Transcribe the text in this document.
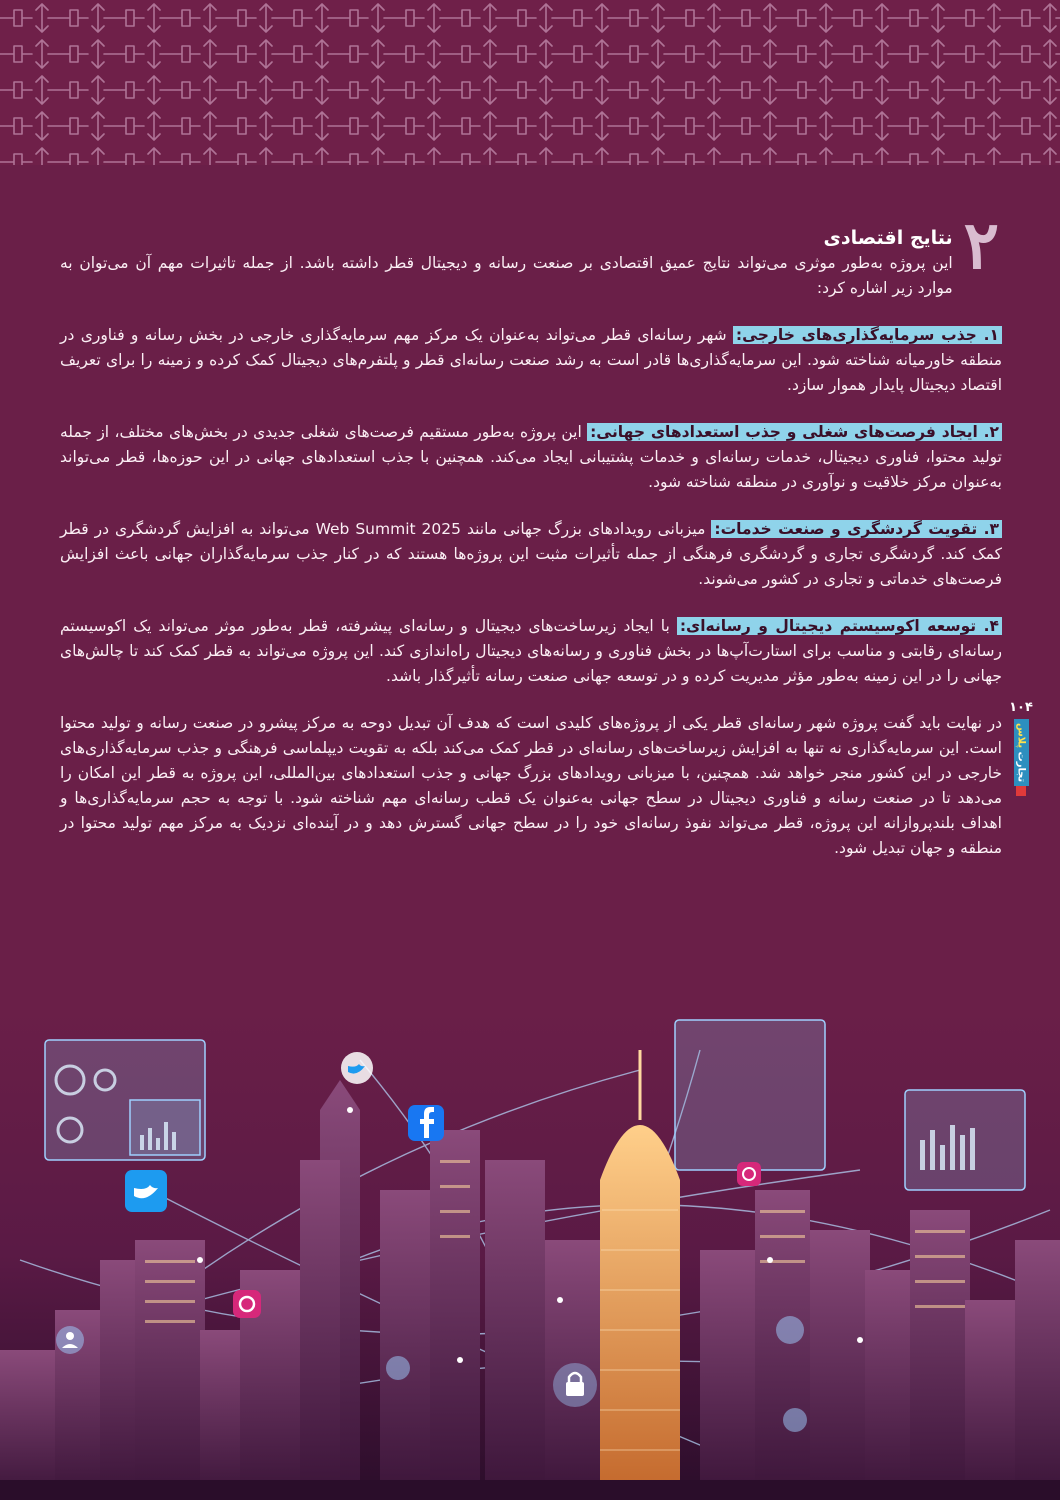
۲
نتایج اقتصادی

این پروژه به‌طور موثری می‌تواند نتایج عمیق اقتصادی بر صنعت رسانه و دیجیتال قطر داشته باشد. از جمله تاثیرات مهم آن می‌توان به موارد زیر اشاره کرد:

۱. جذب سرمایه‌گذاری‌های خارجی: شهر رسانه‌ای قطر می‌تواند به‌عنوان یک مرکز مهم سرمایه‌گذاری خارجی در بخش رسانه و فناوری در منطقه خاورمیانه شناخته شود. این سرمایه‌گذاری‌ها قادر است به رشد صنعت رسانه‌ای قطر و پلتفرم‌های دیجیتال کمک کرده و زمینه را برای تعریف اقتصاد دیجیتال پایدار هموار سازد.

۲. ایجاد فرصت‌های شغلی و جذب استعدادهای جهانی: این پروژه به‌طور مستقیم فرصت‌های شغلی جدیدی در بخش‌های مختلف، از جمله تولید محتوا، فناوری دیجیتال، خدمات رسانه‌ای و خدمات پشتیبانی ایجاد می‌کند. همچنین با جذب استعدادهای جهانی در این حوزه‌ها، قطر می‌تواند به‌عنوان مرکز خلاقیت و نوآوری در منطقه شناخته شود.

۳. تقویت گردشگری و صنعت خدمات: میزبانی رویدادهای بزرگ جهانی مانند Web Summit 2025 می‌تواند به افزایش گردشگری در قطر کمک کند. گردشگری تجاری و گردشگری فرهنگی از جمله تأثیرات مثبت این پروژه‌ها هستند که در کنار جذب سرمایه‌گذاران جهانی باعث افزایش فرصت‌های خدماتی و تجاری در کشور می‌شوند.

۴. توسعه اکوسیستم دیجیتال و رسانه‌ای: با ایجاد زیرساخت‌های دیجیتال و رسانه‌ای پیشرفته، قطر به‌طور موثر می‌تواند یک اکوسیستم رسانه‌ای رقابتی و مناسب برای استارت‌آپ‌ها در بخش فناوری و رسانه‌های دیجیتال راه‌اندازی کند. این پروژه می‌تواند به قطر کمک کند تا چالش‌های جهانی را در این زمینه به‌طور مؤثر مدیریت کرده و در توسعه جهانی صنعت رسانه تأثیرگذار باشد.

در نهایت باید گفت پروژه شهر رسانه‌ای قطر یکی از پروژه‌های کلیدی است که هدف آن تبدیل دوحه به مرکز پیشرو در صنعت رسانه و تولید محتوا است. این سرمایه‌گذاری نه تنها به افزایش زیرساخت‌های رسانه‌ای در قطر کمک می‌کند بلکه به تقویت دیپلماسی فرهنگی و جذب سرمایه‌گذاری‌های خارجی در این کشور منجر خواهد شد. همچنین، با میزبانی رویدادهای بزرگ جهانی و جذب استعدادهای بین‌المللی، این پروژه به قطر این امکان را می‌دهد تا در صنعت رسانه و فناوری دیجیتال در سطح جهانی به‌عنوان یک قطب رسانه‌ای مهم شناخته شود. با توجه به حجم سرمایه‌گذاری‌ها و اهداف بلندپروازانه این پروژه، قطر می‌تواند نفوذ رسانه‌ای خود را در سطح جهانی گسترش دهد و در آینده‌ای نزدیک به مرکز مهم تولید محتوا در منطقه و جهان تبدیل شود.

۱۰۴
تجارت پلاس
